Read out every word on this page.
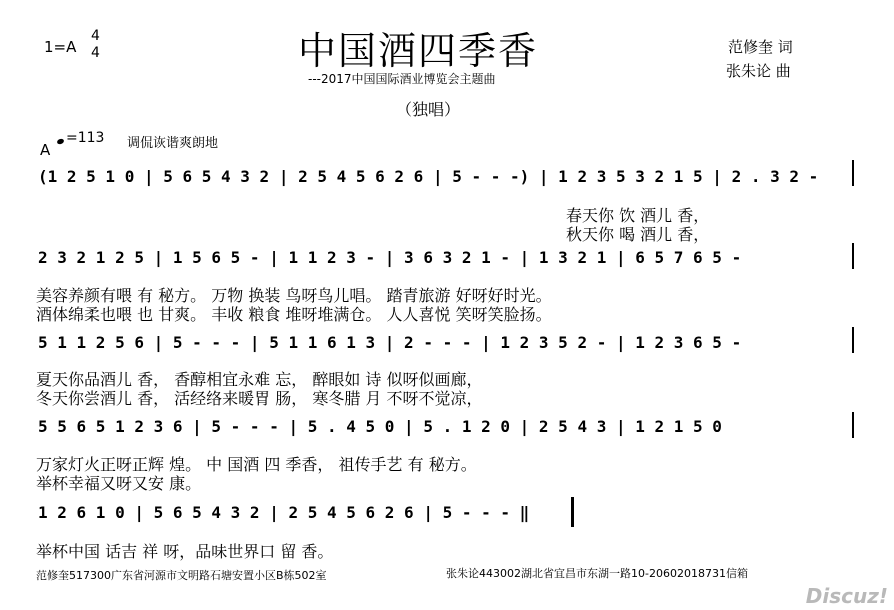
1=A
4
4	中国酒四季香
---2017中国国际酒业博览会主题曲
范修奎 词
张朱论 曲
（独唱）
A
=113 调侃诙谐爽朗地
(1 2 5 1 0 | 5 6 5 4 3 2 | 2 5 4 5 6 2 6 | 5 - - -) | 1 2 3 5 3 2 1 5 | 2 . 3 2 -
春天你 饮 酒儿 香，
秋天你 喝 酒儿 香，
2 3 2 1 2 5 | 1 5 6 5 - | 1 1 2 3 - | 3 6 3 2 1 - | 1 3 2 1 | 6 5 7 6 5 -
美容养颜有喂 有 秘方。 万物 换装 鸟呀鸟儿唱。 踏青旅游 好呀好时光。
酒体绵柔也喂 也 甘爽。 丰收 粮食 堆呀堆满仓。 人人喜悦 笑呀笑脸扬。
5 1 1 2 5 6 | 5 - - - | 5 1 1 6 1 3 | 2 - - - | 1 2 3 5 2 - | 1 2 3 6 5 -
夏天你品酒儿 香， 香醇相宜永难 忘， 醉眼如 诗 似呀似画廊，
冬天你尝酒儿 香， 活经络来暖胃 肠， 寒冬腊 月 不呀不觉凉，
5 5 6 5 1 2 3 6 | 5 - - - | 5 . 4 5 0 | 5 . 1 2 0 | 2 5 4 3 | 1 2 1 5 0
万家灯火正呀正辉 煌。 中 国酒 四 季香， 祖传手艺 有 秘方。
举杯幸福又呀又安 康。
1 2 6 1 0 | 5 6 5 4 3 2 | 2 5 4 5 6 2 6 | 5 - - - ‖
举杯中国 话吉 祥 呀，品味世界口 留 香。
范修奎517300广东省河源市文明路石塘安置小区B栋502室	张朱论443002湖北省宜昌市东湖一路10-20602018731信箱
Discuz!
